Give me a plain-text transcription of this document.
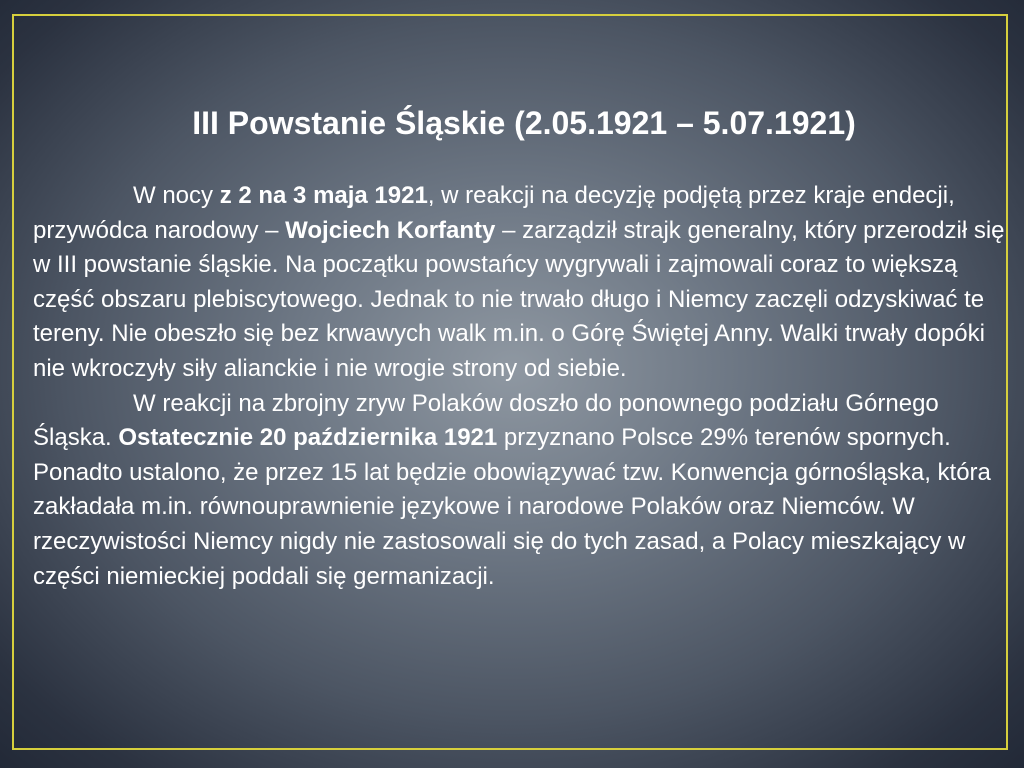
III Powstanie Śląskie (2.05.1921 – 5.07.1921)

W nocy z 2 na 3 maja 1921, w reakcji na decyzję podjętą przez kraje endecji, przywódca narodowy – Wojciech Korfanty – zarządził strajk generalny, który przerodził się w III powstanie śląskie. Na początku powstańcy wygrywali i zajmowali coraz to większą część obszaru plebiscytowego. Jednak to nie trwało długo i Niemcy zaczęli odzyskiwać te tereny. Nie obeszło się bez krwawych walk m.in. o Górę Świętej Anny. Walki trwały dopóki nie wkroczyły siły alianckie i nie wrogie strony od siebie.

W reakcji na zbrojny zryw Polaków doszło do ponownego podziału Górnego Śląska. Ostatecznie 20 października 1921 przyznano Polsce 29% terenów spornych. Ponadto ustalono, że przez 15 lat będzie obowiązywać tzw. Konwencja górnośląska, która zakładała m.in. równouprawnienie językowe i narodowe Polaków oraz Niemców. W rzeczywistości Niemcy nigdy nie zastosowali się do tych zasad, a Polacy mieszkający w części niemieckiej poddali się germanizacji.
